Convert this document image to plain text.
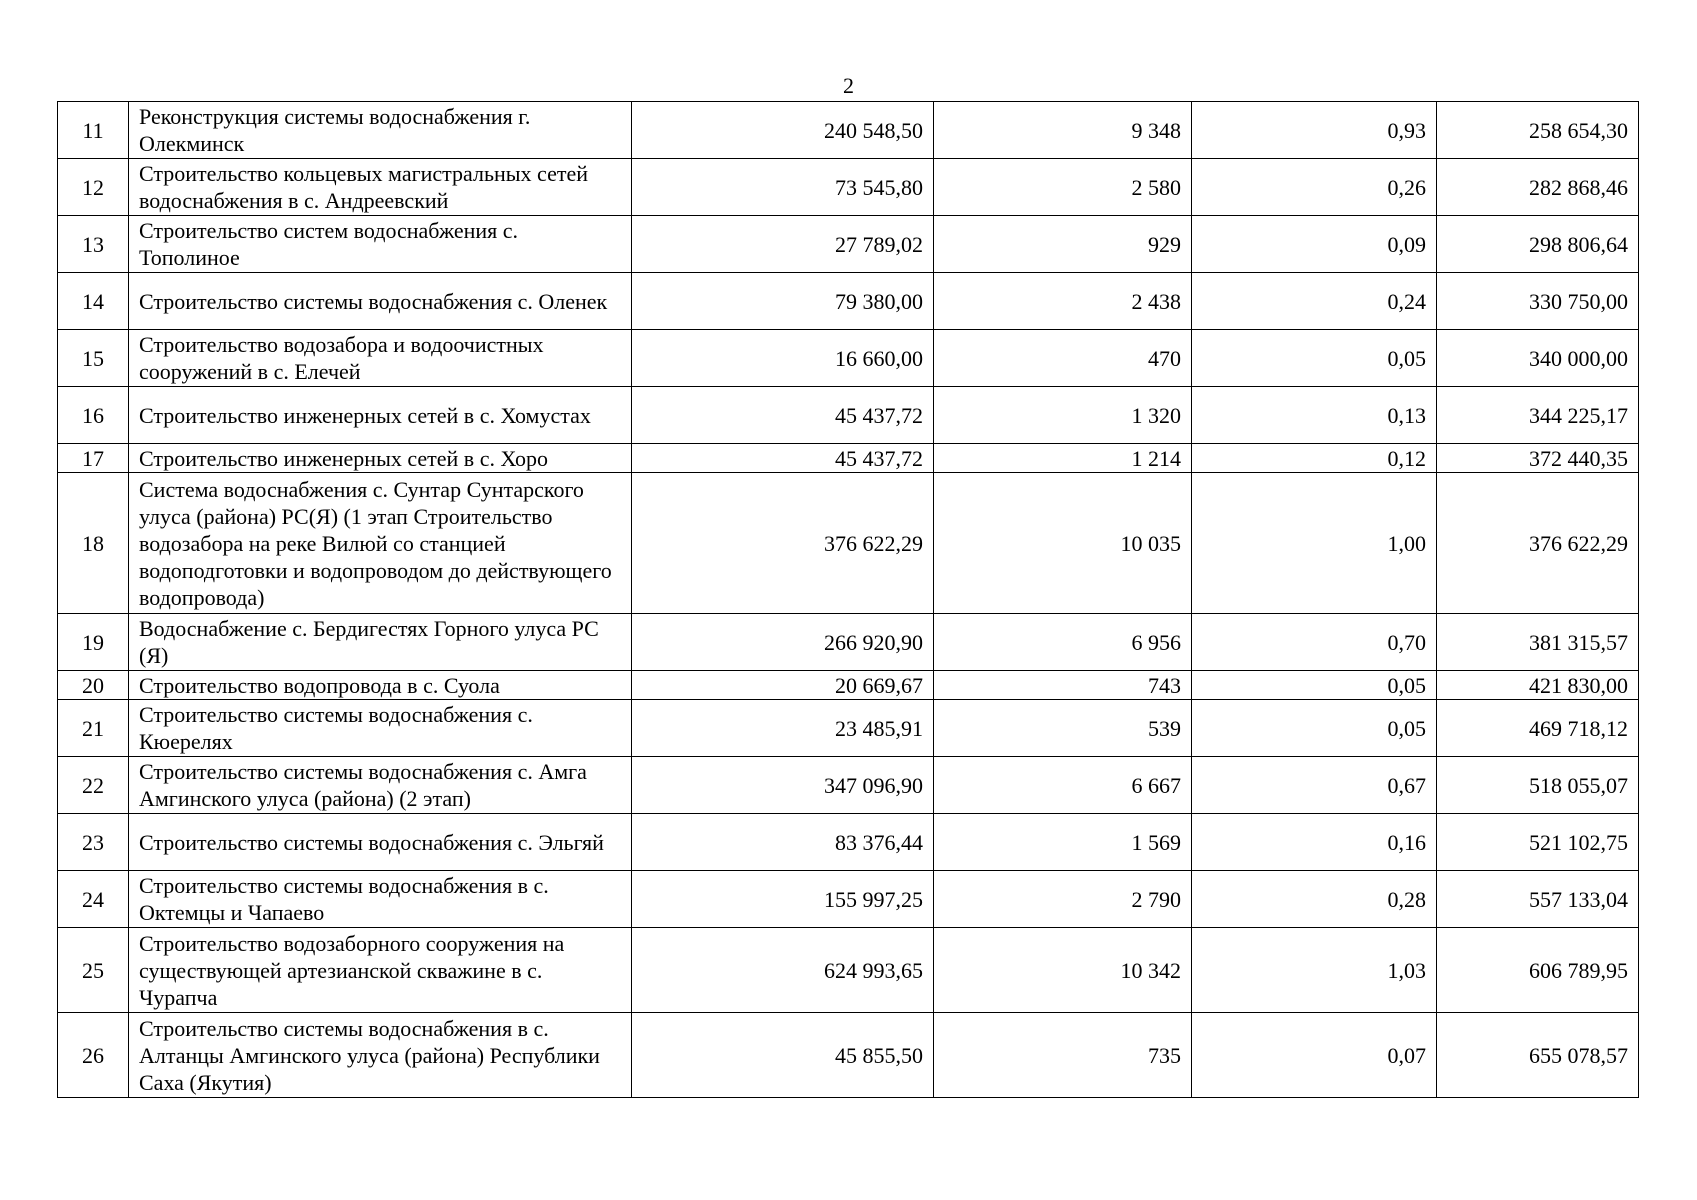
2
11	Реконструкция системы водоснабжения г. Олекминск	240 548,50	9 348	0,93	258 654,30
12	Строительство кольцевых магистральных сетей водоснабжения в с. Андреевский	73 545,80	2 580	0,26	282 868,46
13	Строительство систем водоснабжения с. Тополиное	27 789,02	929	0,09	298 806,64
14	Строительство системы водоснабжения с. Оленек	79 380,00	2 438	0,24	330 750,00
15	Строительство водозабора и водоочистных сооружений в с. Елечей	16 660,00	470	0,05	340 000,00
16	Строительство инженерных сетей в с. Хомустах	45 437,72	1 320	0,13	344 225,17
17	Строительство инженерных сетей в с. Хоро	45 437,72	1 214	0,12	372 440,35
18	Система водоснабжения с. Сунтар Сунтарского улуса (района) РС(Я) (1 этап Строительство водозабора на реке Вилюй со станцией водоподготовки и водопроводом до действующего водопровода)	376 622,29	10 035	1,00	376 622,29
19	Водоснабжение с. Бердигестях Горного улуса РС (Я)	266 920,90	6 956	0,70	381 315,57
20	Строительство водопровода в с. Суола	20 669,67	743	0,05	421 830,00
21	Строительство системы водоснабжения с. Кюерелях	23 485,91	539	0,05	469 718,12
22	Строительство системы водоснабжения с. Амга Амгинского улуса (района) (2 этап)	347 096,90	6 667	0,67	518 055,07
23	Строительство системы водоснабжения с. Эльгяй	83 376,44	1 569	0,16	521 102,75
24	Строительство системы водоснабжения в с. Октемцы и Чапаево	155 997,25	2 790	0,28	557 133,04
25	Строительство водозаборного сооружения на существующей артезианской скважине в с. Чурапча	624 993,65	10 342	1,03	606 789,95
26	Строительство системы водоснабжения в с. Алтанцы Амгинского улуса (района) Республики Саха (Якутия)	45 855,50	735	0,07	655 078,57
